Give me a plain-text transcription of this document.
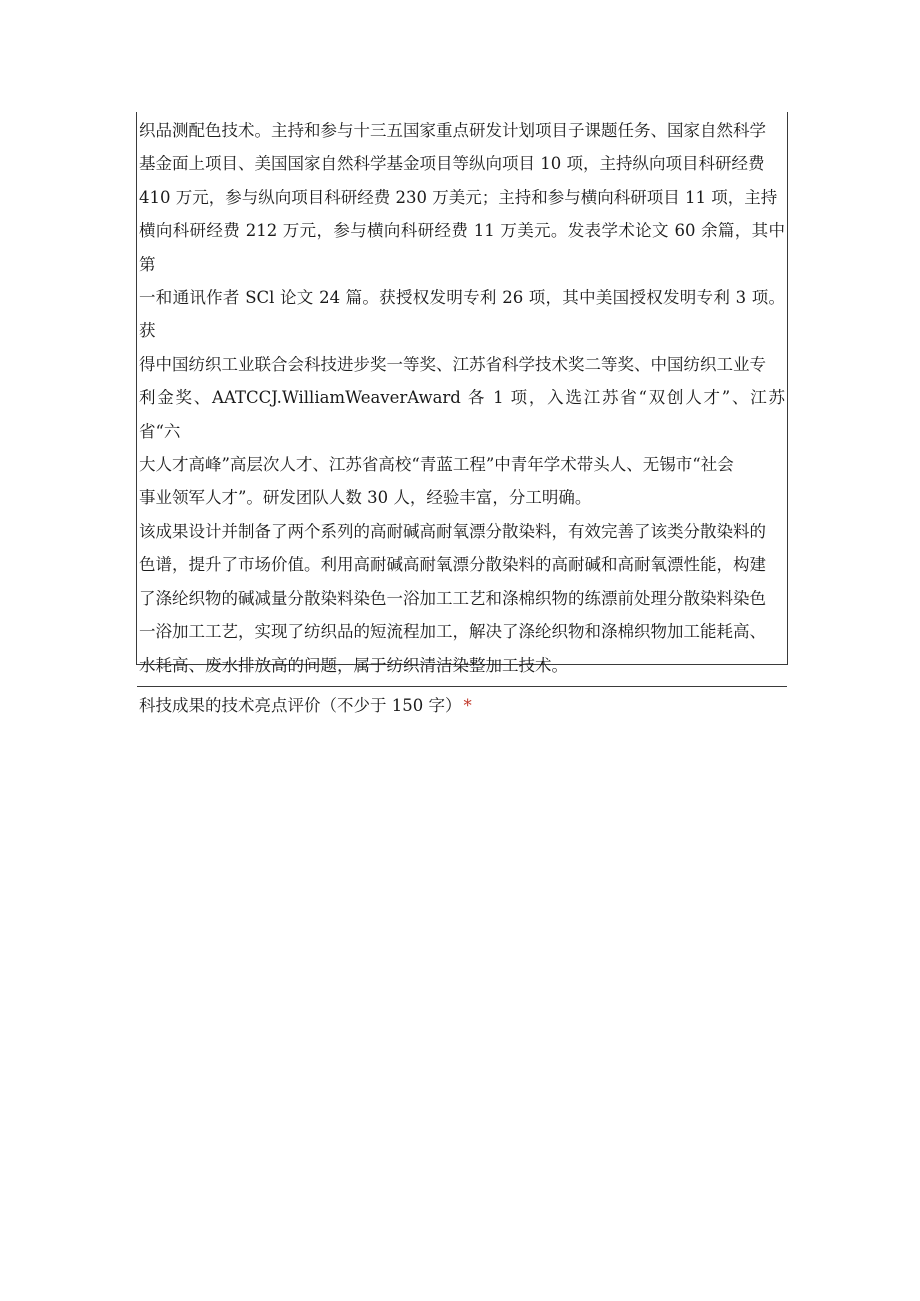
织品测配色技术。主持和参与十三五国家重点研发计划项目子课题任务、国家自然科学

基金面上项目、美国国家自然科学基金项目等纵向项目 10 项，主持纵向项目科研经费

410 万元，参与纵向项目科研经费 230 万美元；主持和参与横向科研项目 11 项，主持

横向科研经费 212 万元，参与横向科研经费 11 万美元。发表学术论文 60 余篇，其中第

一和通讯作者 SCl 论文 24 篇。获授权发明专利 26 项，其中美国授权发明专利 3 项。获

得中国纺织工业联合会科技进步奖一等奖、江苏省科学技术奖二等奖、中国纺织工业专

利金奖、AATCCJ.WilliamWeaverAward 各 1 项，入选江苏省“双创人才”、江苏省“六

大人才高峰”高层次人才、江苏省高校“青蓝工程”中青年学术带头人、无锡市“社会

事业领军人才”。研发团队人数 30 人，经验丰富，分工明确。

该成果设计并制备了两个系列的高耐碱高耐氧漂分散染料，有效完善了该类分散染料的

色谱，提升了市场价值。利用高耐碱高耐氧漂分散染料的高耐碱和高耐氧漂性能，构建

了涤纶织物的碱减量分散染料染色一浴加工工艺和涤棉织物的练漂前处理分散染料染色

一浴加工工艺，实现了纺织品的短流程加工，解决了涤纶织物和涤棉织物加工能耗高、

水耗高、废水排放高的问题，属于纺织清洁染整加工技术。

科技成果的技术亮点评价（不少于 150 字） *
